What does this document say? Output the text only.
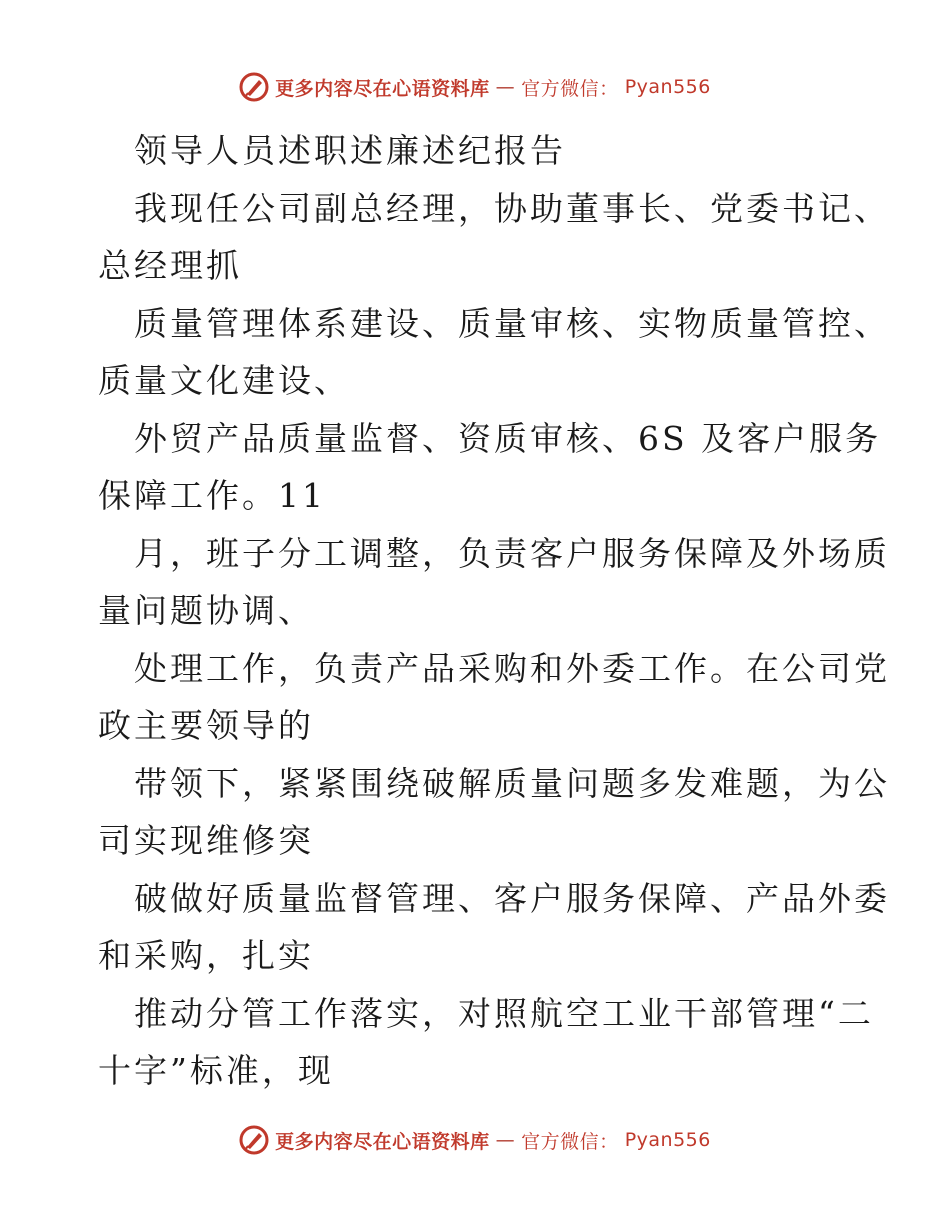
更多内容尽在心语资料库 — 官方微信： Pyan556
领导人员述职述廉述纪报告
我现任公司副总经理，协助董事长、党委书记、
总经理抓
质量管理体系建设、质量审核、实物质量管控、
质量文化建设、
外贸产品质量监督、资质审核、6S 及客户服务
保障工作。11
月，班子分工调整，负责客户服务保障及外场质
量问题协调、
处理工作，负责产品采购和外委工作。在公司党
政主要领导的
带领下，紧紧围绕破解质量问题多发难题，为公
司实现维修突
破做好质量监督管理、客户服务保障、产品外委
和采购，扎实
推动分管工作落实，对照航空工业干部管理“二
十字”标准，现
更多内容尽在心语资料库 — 官方微信： Pyan556
